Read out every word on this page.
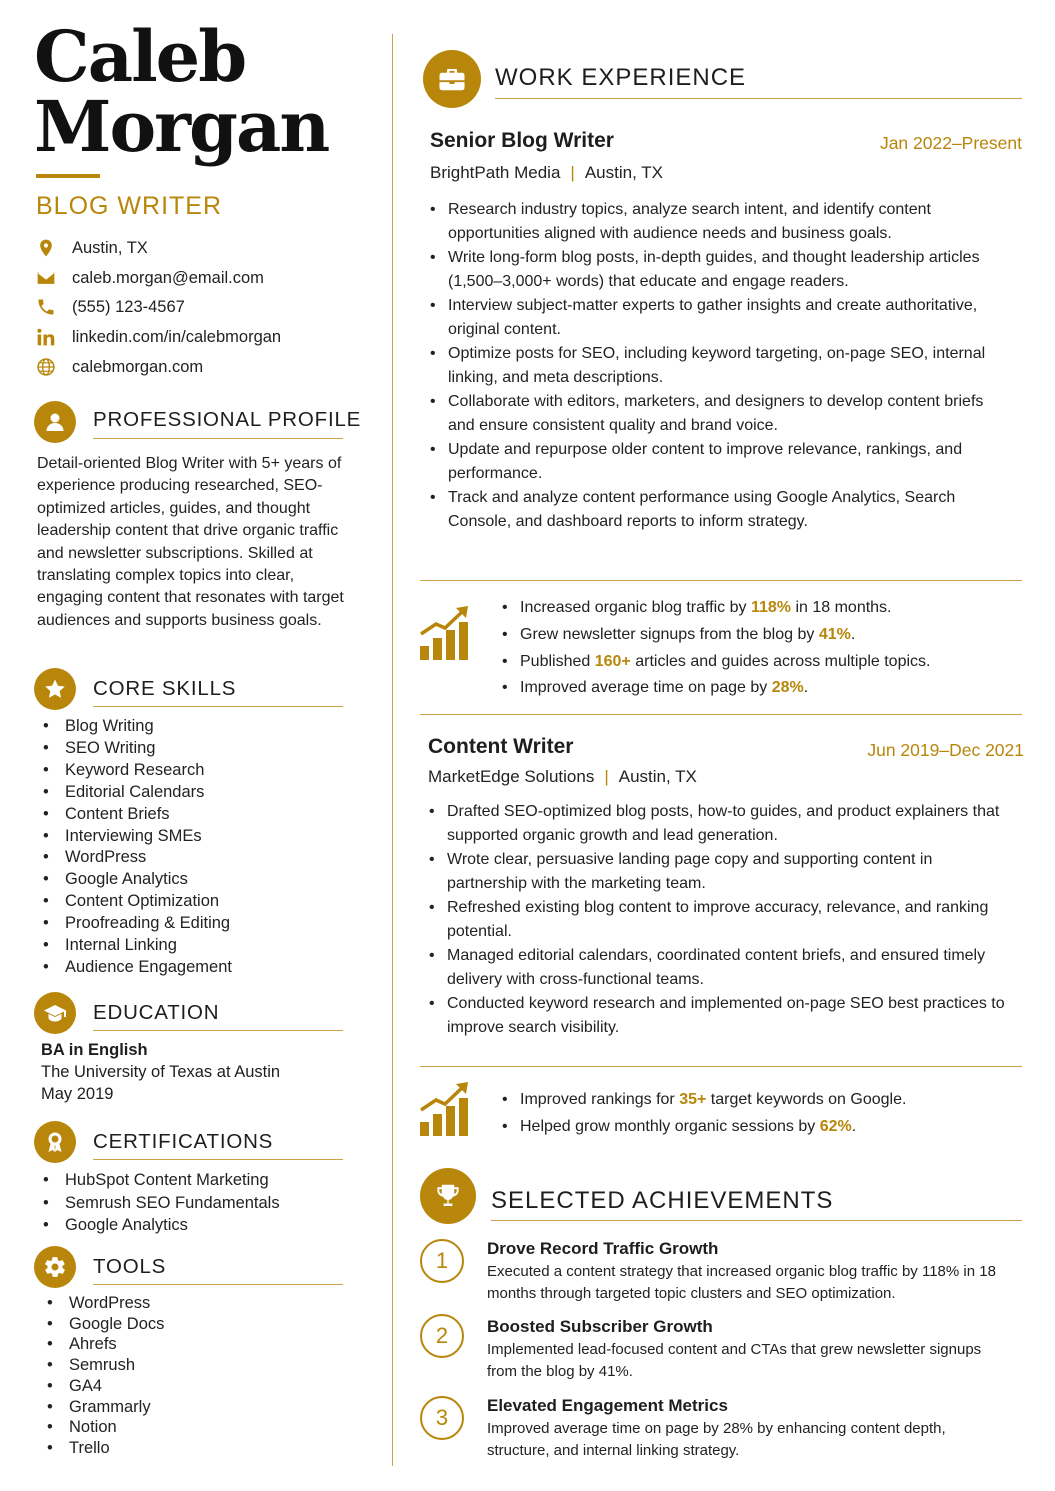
Caleb
Morgan
BLOG WRITER
Austin, TX
caleb.morgan@email.com
(555) 123-4567
linkedin.com/in/calebmorgan
calebmorgan.com
PROFESSIONAL PROFILE
Detail-oriented Blog Writer with 5+ years of experience producing researched, SEO-optimized articles, guides, and thought leadership content that drive organic traffic and newsletter subscriptions. Skilled at translating complex topics into clear, engaging content that resonates with target audiences and supports business goals.
CORE SKILLS
• Blog Writing
• SEO Writing
• Keyword Research
• Editorial Calendars
• Content Briefs
• Interviewing SMEs
• WordPress
• Google Analytics
• Content Optimization
• Proofreading & Editing
• Internal Linking
• Audience Engagement
EDUCATION
BA in English
The University of Texas at Austin
May 2019
CERTIFICATIONS
• HubSpot Content Marketing
• Semrush SEO Fundamentals
• Google Analytics
TOOLS
• WordPress
• Google Docs
• Ahrefs
• Semrush
• GA4
• Grammarly
• Notion
• Trello
WORK EXPERIENCE
Senior Blog Writer	Jan 2022–Present
BrightPath Media | Austin, TX
• Research industry topics, analyze search intent, and identify content opportunities aligned with audience needs and business goals.
• Write long-form blog posts, in-depth guides, and thought leadership articles (1,500–3,000+ words) that educate and engage readers.
• Interview subject-matter experts to gather insights and create authoritative, original content.
• Optimize posts for SEO, including keyword targeting, on-page SEO, internal linking, and meta descriptions.
• Collaborate with editors, marketers, and designers to develop content briefs and ensure consistent quality and brand voice.
• Update and repurpose older content to improve relevance, rankings, and performance.
• Track and analyze content performance using Google Analytics, Search Console, and dashboard reports to inform strategy.
• Increased organic blog traffic by 118% in 18 months.
• Grew newsletter signups from the blog by 41%.
• Published 160+ articles and guides across multiple topics.
• Improved average time on page by 28%.
Content Writer	Jun 2019–Dec 2021
MarketEdge Solutions | Austin, TX
• Drafted SEO-optimized blog posts, how-to guides, and product explainers that supported organic growth and lead generation.
• Wrote clear, persuasive landing page copy and supporting content in partnership with the marketing team.
• Refreshed existing blog content to improve accuracy, relevance, and ranking potential.
• Managed editorial calendars, coordinated content briefs, and ensured timely delivery with cross-functional teams.
• Conducted keyword research and implemented on-page SEO best practices to improve search visibility.
• Improved rankings for 35+ target keywords on Google.
• Helped grow monthly organic sessions by 62%.
SELECTED ACHIEVEMENTS
1	Drove Record Traffic Growth
Executed a content strategy that increased organic blog traffic by 118% in 18 months through targeted topic clusters and SEO optimization.
2	Boosted Subscriber Growth
Implemented lead-focused content and CTAs that grew newsletter signups from the blog by 41%.
3	Elevated Engagement Metrics
Improved average time on page by 28% by enhancing content depth, structure, and internal linking strategy.
